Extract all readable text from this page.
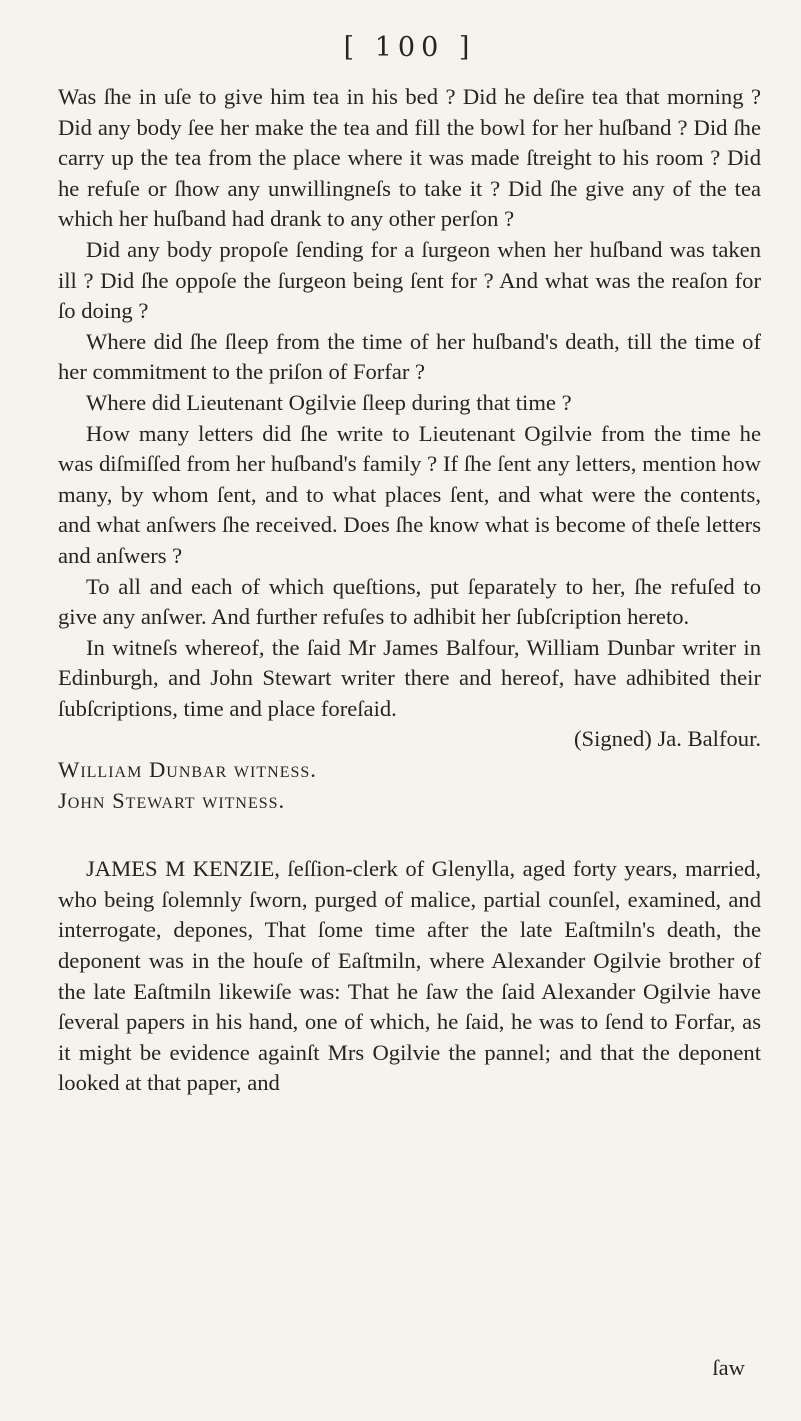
[ 100 ]

Was ſhe in uſe to give him tea in his bed ? Did he deſire tea that morning ? Did any body ſee her make the tea and fill the bowl for her huſband ? Did ſhe carry up the tea from the place where it was made ſtreight to his room ? Did he refuſe or ſhow any unwillingneſs to take it ? Did ſhe give any of the tea which her huſband had drank to any other perſon ?

Did any body propoſe ſending for a ſurgeon when her huſband was taken ill ? Did ſhe oppoſe the ſurgeon being ſent for ? And what was the reaſon for ſo doing ?

Where did ſhe ſleep from the time of her huſband's death, till the time of her commitment to the priſon of Forfar ?

Where did Lieutenant Ogilvie ſleep during that time ?

How many letters did ſhe write to Lieutenant Ogilvie from the time he was diſmiſſed from her huſband's family ? If ſhe ſent any letters, mention how many, by whom ſent, and to what places ſent, and what were the contents, and what anſwers ſhe received. Does ſhe know what is become of theſe letters and anſwers ?

To all and each of which queſtions, put ſeparately to her, ſhe refuſed to give any anſwer. And further refuſes to adhibit her ſubſcription hereto.

In witneſs whereof, the ſaid Mr James Balfour, William Dunbar writer in Edinburgh, and John Stewart writer there and hereof, have adhibited their ſubſcriptions, time and place foreſaid.

(Signed) Ja. Balfour.

William Dunbar witneſs.

John Stewart witneſs.

JAMES M KENZIE, ſeſſion-clerk of Glenylla, aged forty years, married, who being ſolemnly ſworn, purged of malice, partial counſel, examined, and interrogate, depones, That ſome time after the late Eaſtmiln's death, the deponent was in the houſe of Eaſtmiln, where Alexander Ogilvie brother of the late Eaſtmiln likewiſe was: That he ſaw the ſaid Alexander Ogilvie have ſeveral papers in his hand, one of which, he ſaid, he was to ſend to Forfar, as it might be evidence againſt Mrs Ogilvie the pannel; and that the deponent looked at that paper, and

ſaw
